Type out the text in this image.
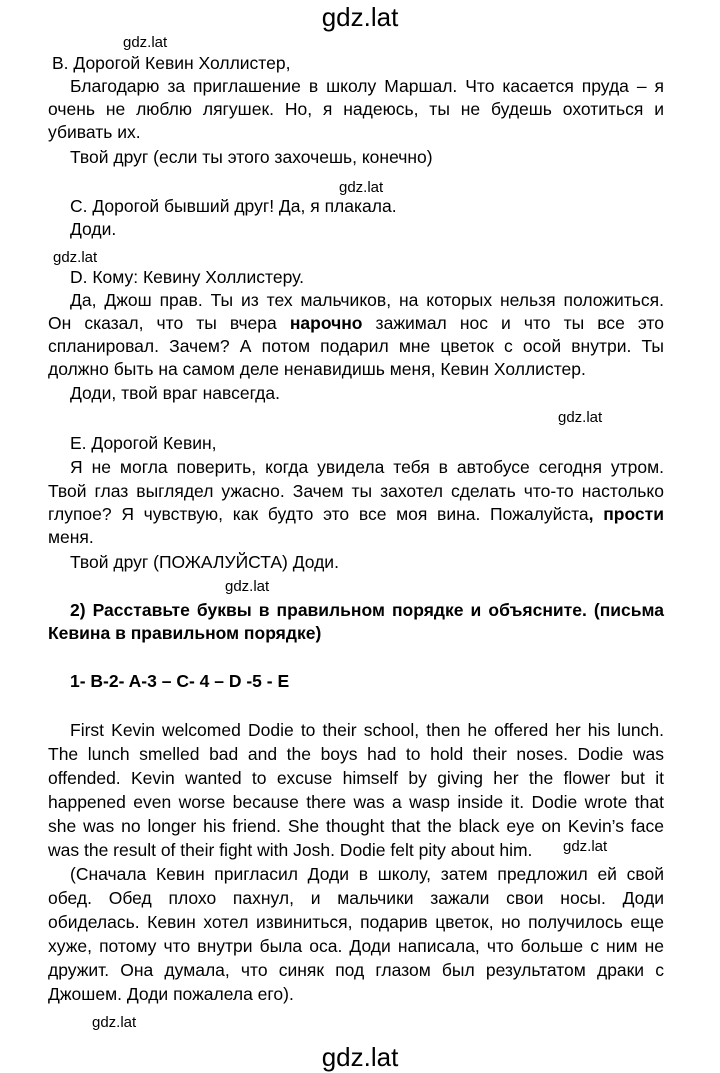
gdz.lat
gdz.lat
gdz.lat
gdz.lat
gdz.lat
gdz.lat
gdz.lat
gdz.lat
gdz.lat
B. Дорогой Кевин Холлистер,
Благодарю за приглашение в школу Маршал. Что касается пруда – я
очень не люблю лягушек. Но, я надеюсь, ты не будешь охотиться и
убивать их.
Твой друг (если ты этого захочешь, конечно)
C. Дорогой бывший друг! Да, я плакала.
Доди.
D. Кому: Кевину Холлистеру.
Да, Джош прав. Ты из тех мальчиков, на которых нельзя положиться.
Он сказал, что ты вчера нарочно зажимал нос и что ты все это
спланировал. Зачем? А потом подарил мне цветок с осой внутри. Ты
должно быть на самом деле ненавидишь меня, Кевин Холлистер.
Доди, твой враг навсегда.
E. Дорогой Кевин,
Я не могла поверить, когда увидела тебя в автобусе сегодня утром.
Твой глаз выглядел ужасно. Зачем ты захотел сделать что-то настолько
глупое? Я чувствую, как будто это все моя вина. Пожалуйста, прости
меня.
Твой друг (ПОЖАЛУЙСТА) Доди.
2) Расставьте буквы в правильном порядке и объясните. (письма
Кевина в правильном порядке)
1- B-2- A-3 – C- 4 – D -5 - E
First Kevin welcomed Dodie to their school, then he offered her his lunch.
The lunch smelled bad and the boys had to hold their noses. Dodie was
offended. Kevin wanted to excuse himself by giving her the flower but it
happened even worse because there was a wasp inside it. Dodie wrote that
she was no longer his friend. She thought that the black eye on Kevin’s face
was the result of their fight with Josh. Dodie felt pity about him.
(Сначала Кевин пригласил Доди в школу, затем предложил ей свой
обед. Обед плохо пахнул, и мальчики зажали свои носы. Доди
обиделась. Кевин хотел извиниться, подарив цветок, но получилось еще
хуже, потому что внутри была оса. Доди написала, что больше с ним не
дружит. Она думала, что синяк под глазом был результатом драки с
Джошем. Доди пожалела его).
